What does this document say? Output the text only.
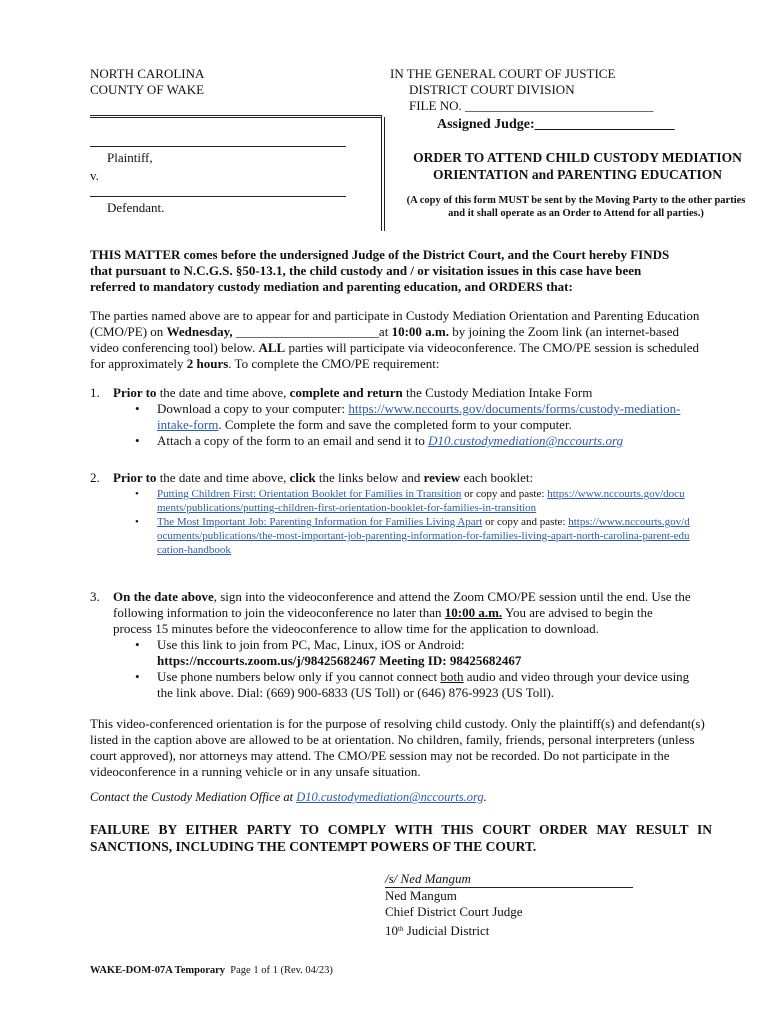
NORTH CAROLINA
COUNTY OF WAKE
IN THE GENERAL COURT OF JUSTICE
DISTRICT COURT DIVISION
FILE NO. _____________________________
Assigned Judge:____________________
Plaintiff,
v.
Defendant.
ORDER TO ATTEND CHILD CUSTODY MEDIATION
ORIENTATION and PARENTING EDUCATION
(A copy of this form MUST be sent by the Moving Party to the other parties and it shall operate as an Order to Attend for all parties.)
THIS MATTER comes before the undersigned Judge of the District Court, and the Court hereby FINDS that pursuant to N.C.G.S. §50-13.1, the child custody and / or visitation issues in this case have been referred to mandatory custody mediation and parenting education, and ORDERS that:
The parties named above are to appear for and participate in Custody Mediation Orientation and Parenting Education (CMO/PE) on Wednesday, ______________________at 10:00 a.m. by joining the Zoom link (an internet-based video conferencing tool) below. ALL parties will participate via videoconference. The CMO/PE session is scheduled for approximately 2 hours. To complete the CMO/PE requirement:
1. Prior to the date and time above, complete and return the Custody Mediation Intake Form
• Download a copy to your computer: https://www.nccourts.gov/documents/forms/custody-mediation-intake-form. Complete the form and save the completed form to your computer.
• Attach a copy of the form to an email and send it to D10.custodymediation@nccourts.org
2. Prior to the date and time above, click the links below and review each booklet:
• Putting Children First: Orientation Booklet for Families in Transition or copy and paste: https://www.nccourts.gov/documents/publications/putting-children-first-orientation-booklet-for-families-in-transition
• The Most Important Job: Parenting Information for Families Living Apart or copy and paste: https://www.nccourts.gov/documents/publications/the-most-important-job-parenting-information-for-families-living-apart-north-carolina-parent-education-handbook
3. On the date above, sign into the videoconference and attend the Zoom CMO/PE session until the end. Use the following information to join the videoconference no later than 10:00 a.m. You are advised to begin the process 15 minutes before the videoconference to allow time for the application to download.
• Use this link to join from PC, Mac, Linux, iOS or Android:
https://nccourts.zoom.us/j/98425682467 Meeting ID: 98425682467
• Use phone numbers below only if you cannot connect both audio and video through your device using the link above. Dial: (669) 900-6833 (US Toll) or (646) 876-9923 (US Toll).
This video-conferenced orientation is for the purpose of resolving child custody. Only the plaintiff(s) and defendant(s) listed in the caption above are allowed to be at orientation. No children, family, friends, personal interpreters (unless court approved), nor attorneys may attend. The CMO/PE session may not be recorded. Do not participate in the videoconference in a running vehicle or in any unsafe situation.
Contact the Custody Mediation Office at D10.custodymediation@nccourts.org.
FAILURE BY EITHER PARTY TO COMPLY WITH THIS COURT ORDER MAY RESULT IN SANCTIONS, INCLUDING THE CONTEMPT POWERS OF THE COURT.
/s/ Ned Mangum
Ned Mangum
Chief District Court Judge
10th Judicial District
WAKE-DOM-07A Temporary Page 1 of 1 (Rev. 04/23)
